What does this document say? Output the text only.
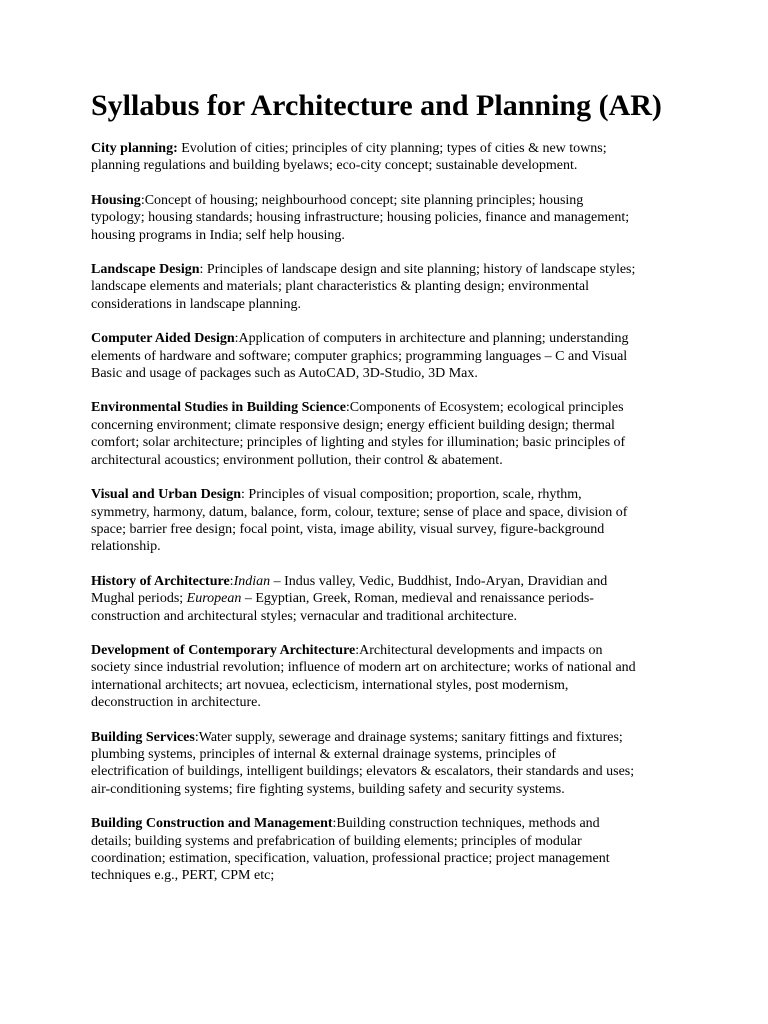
Syllabus for Architecture and Planning (AR)

City planning: Evolution of cities; principles of city planning; types of cities & new towns;
planning regulations and building byelaws; eco-city concept; sustainable development.

Housing:Concept of housing; neighbourhood concept; site planning principles; housing
typology; housing standards; housing infrastructure; housing policies, finance and management;
housing programs in India; self help housing.

Landscape Design: Principles of landscape design and site planning; history of landscape styles;
landscape elements and materials; plant characteristics & planting design; environmental
considerations in landscape planning.

Computer Aided Design:Application of computers in architecture and planning; understanding
elements of hardware and software; computer graphics; programming languages – C and Visual
Basic and usage of packages such as AutoCAD, 3D-Studio, 3D Max.

Environmental Studies in Building Science:Components of Ecosystem; ecological principles
concerning environment; climate responsive design; energy efficient building design; thermal
comfort; solar architecture; principles of lighting and styles for illumination; basic principles of
architectural acoustics; environment pollution, their control & abatement.

Visual and Urban Design: Principles of visual composition; proportion, scale, rhythm,
symmetry, harmony, datum, balance, form, colour, texture; sense of place and space, division of
space; barrier free design; focal point, vista, image ability, visual survey, figure-background
relationship.

History of Architecture:Indian – Indus valley, Vedic, Buddhist, Indo-Aryan, Dravidian and
Mughal periods; European – Egyptian, Greek, Roman, medieval and renaissance periods-
construction and architectural styles; vernacular and traditional architecture.

Development of Contemporary Architecture:Architectural developments and impacts on
society since industrial revolution; influence of modern art on architecture; works of national and
international architects; art novuea, eclecticism, international styles, post modernism,
deconstruction in architecture.

Building Services:Water supply, sewerage and drainage systems; sanitary fittings and fixtures;
plumbing systems, principles of internal & external drainage systems, principles of
electrification of buildings, intelligent buildings; elevators & escalators, their standards and uses;
air-conditioning systems; fire fighting systems, building safety and security systems.

Building Construction and Management:Building construction techniques, methods and
details; building systems and prefabrication of building elements; principles of modular
coordination; estimation, specification, valuation, professional practice; project management
techniques e.g., PERT, CPM etc;
